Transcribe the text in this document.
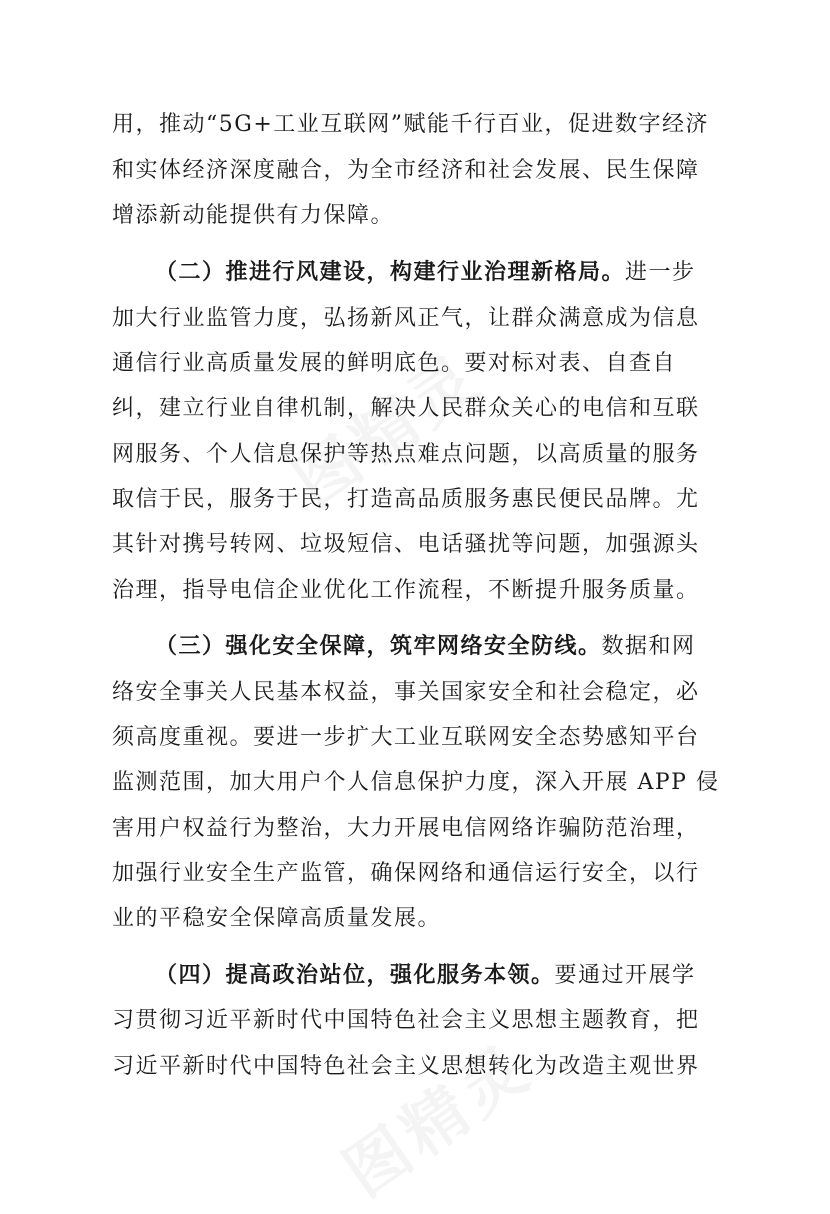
用，推动“5G+工业互联网”赋能千行百业，促进数字经济
和实体经济深度融合，为全市经济和社会发展、民生保障
增添新动能提供有力保障。
（二）推进行风建设，构建行业治理新格局。进一步
加大行业监管力度，弘扬新风正气，让群众满意成为信息
通信行业高质量发展的鲜明底色。要对标对表、自查自
纠，建立行业自律机制，解决人民群众关心的电信和互联
网服务、个人信息保护等热点难点问题，以高质量的服务
取信于民，服务于民，打造高品质服务惠民便民品牌。尤
其针对携号转网、垃圾短信、电话骚扰等问题，加强源头
治理，指导电信企业优化工作流程，不断提升服务质量。
（三）强化安全保障，筑牢网络安全防线。数据和网
络安全事关人民基本权益，事关国家安全和社会稳定，必
须高度重视。要进一步扩大工业互联网安全态势感知平台
监测范围，加大用户个人信息保护力度，深入开展 APP 侵
害用户权益行为整治，大力开展电信网络诈骗防范治理，
加强行业安全生产监管，确保网络和通信运行安全，以行
业的平稳安全保障高质量发展。
（四）提高政治站位，强化服务本领。要通过开展学
习贯彻习近平新时代中国特色社会主义思想主题教育，把
习近平新时代中国特色社会主义思想转化为改造主观世界
